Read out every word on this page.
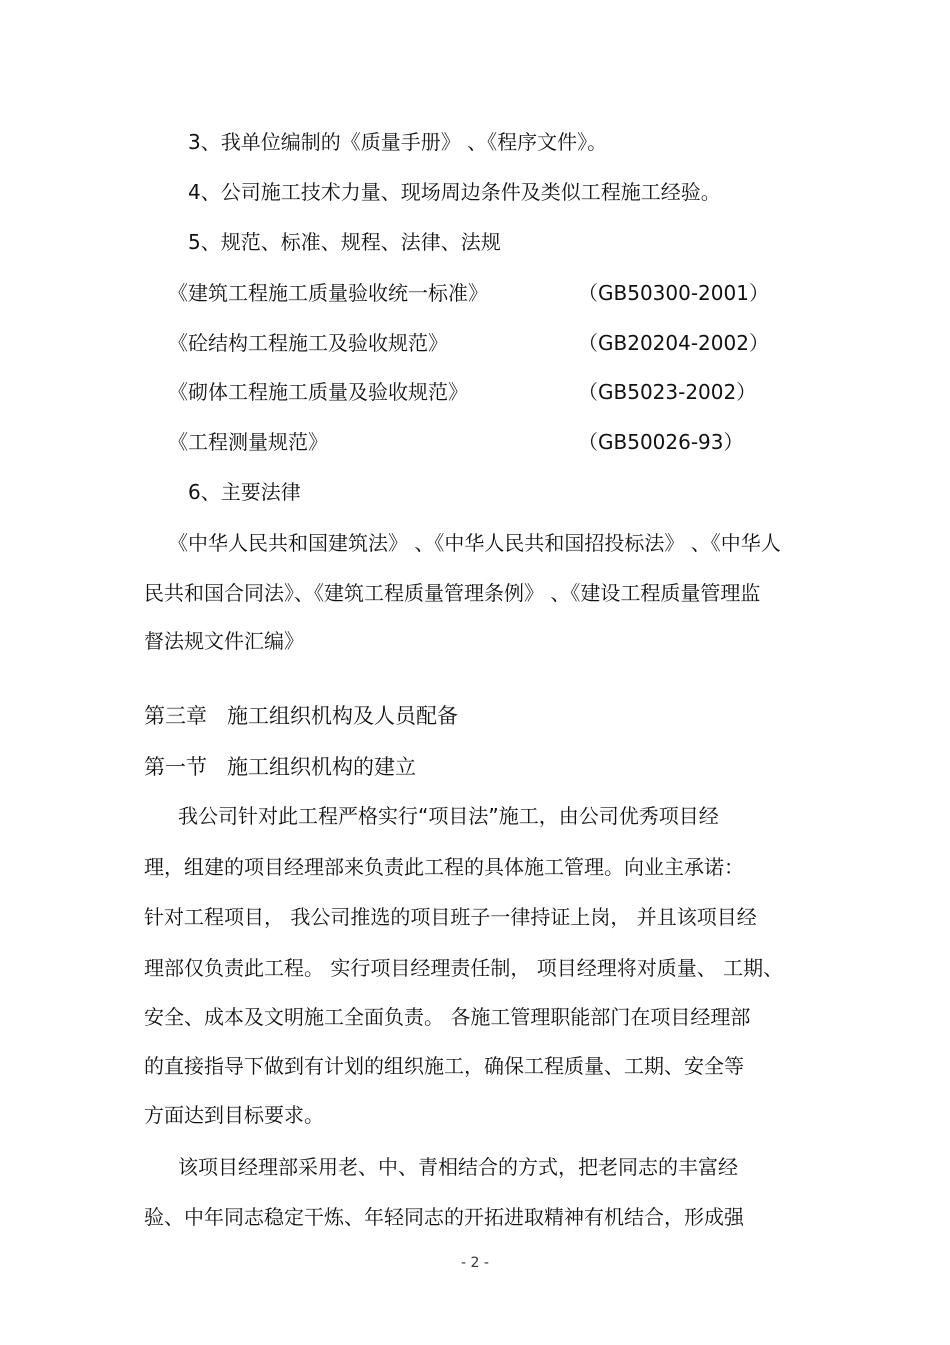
3、我单位编制的《质量手册》 、《程序文件》。
4、公司施工技术力量、现场周边条件及类似工程施工经验。
5、规范、标准、规程、法律、法规
《建筑工程施工质量验收统一标准》	（GB50300-2001）
《砼结构工程施工及验收规范》	（GB20204-2002）
《砌体工程施工质量及验收规范》	（GB5023-2002）
《工程测量规范》	（GB50026-93）
6、主要法律
《中华人民共和国建筑法》 、《中华人民共和国招投标法》 、《中华人
民共和国合同法》、《建筑工程质量管理条例》 、《建设工程质量管理监
督法规文件汇编》
第三章 施工组织机构及人员配备
第一节 施工组织机构的建立
我公司针对此工程严格实行“项目法”施工，由公司优秀项目经
理，组建的项目经理部来负责此工程的具体施工管理。向业主承诺：
针对工程项目， 我公司推选的项目班子一律持证上岗， 并且该项目经
理部仅负责此工程。 实行项目经理责任制， 项目经理将对质量、 工期、
安全、成本及文明施工全面负责。 各施工管理职能部门在项目经理部
的直接指导下做到有计划的组织施工，确保工程质量、工期、安全等
方面达到目标要求。
该项目经理部采用老、中、青相结合的方式，把老同志的丰富经
验、中年同志稳定干炼、年轻同志的开拓进取精神有机结合，形成强
- 2 -
